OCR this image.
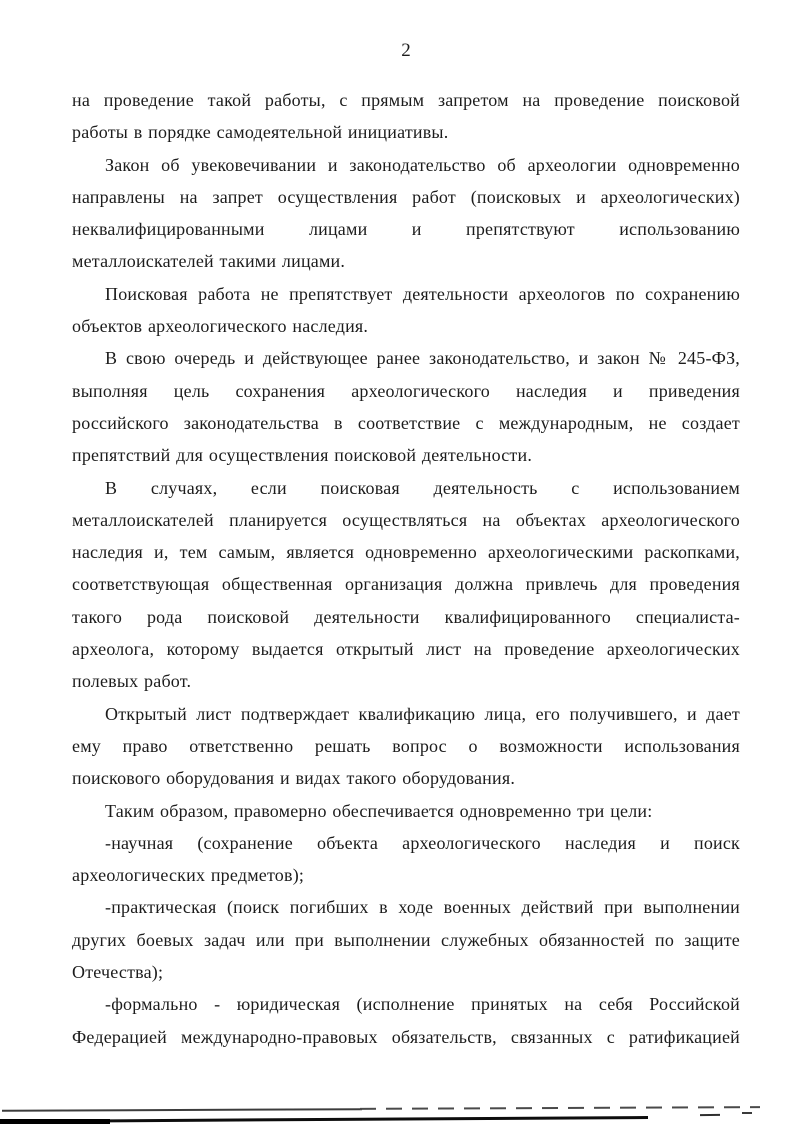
2
на проведение такой работы, с прямым запретом на проведение поисковой
работы в порядке самодеятельной инициативы.
Закон об увековечивании и законодательство об археологии одновременно
направлены на запрет осуществления работ (поисковых и археологических)
неквалифицированными лицами и препятствуют использованию
металлоискателей такими лицами.
Поисковая работа не препятствует деятельности археологов по сохранению
объектов археологического наследия.
В свою очередь и действующее ранее законодательство, и закон № 245-ФЗ,
выполняя цель сохранения археологического наследия и приведения
российского законодательства в соответствие с международным, не создает
препятствий для осуществления поисковой деятельности.
В случаях, если поисковая деятельность с использованием
металлоискателей планируется осуществляться на объектах археологического
наследия и, тем самым, является одновременно археологическими раскопками,
соответствующая общественная организация должна привлечь для проведения
такого рода поисковой деятельности квалифицированного специалиста-
археолога, которому выдается открытый лист на проведение археологических
полевых работ.
Открытый лист подтверждает квалификацию лица, его получившего, и дает
ему право ответственно решать вопрос о возможности использования
поискового оборудования и видах такого оборудования.
Таким образом, правомерно обеспечивается одновременно три цели:
-научная (сохранение объекта археологического наследия и поиск
археологических предметов);
-практическая (поиск погибших в ходе военных действий при выполнении
других боевых задач или при выполнении служебных обязанностей по защите
Отечества);
-формально - юридическая (исполнение принятых на себя Российской
Федерацией международно-правовых обязательств, связанных с ратификацией
